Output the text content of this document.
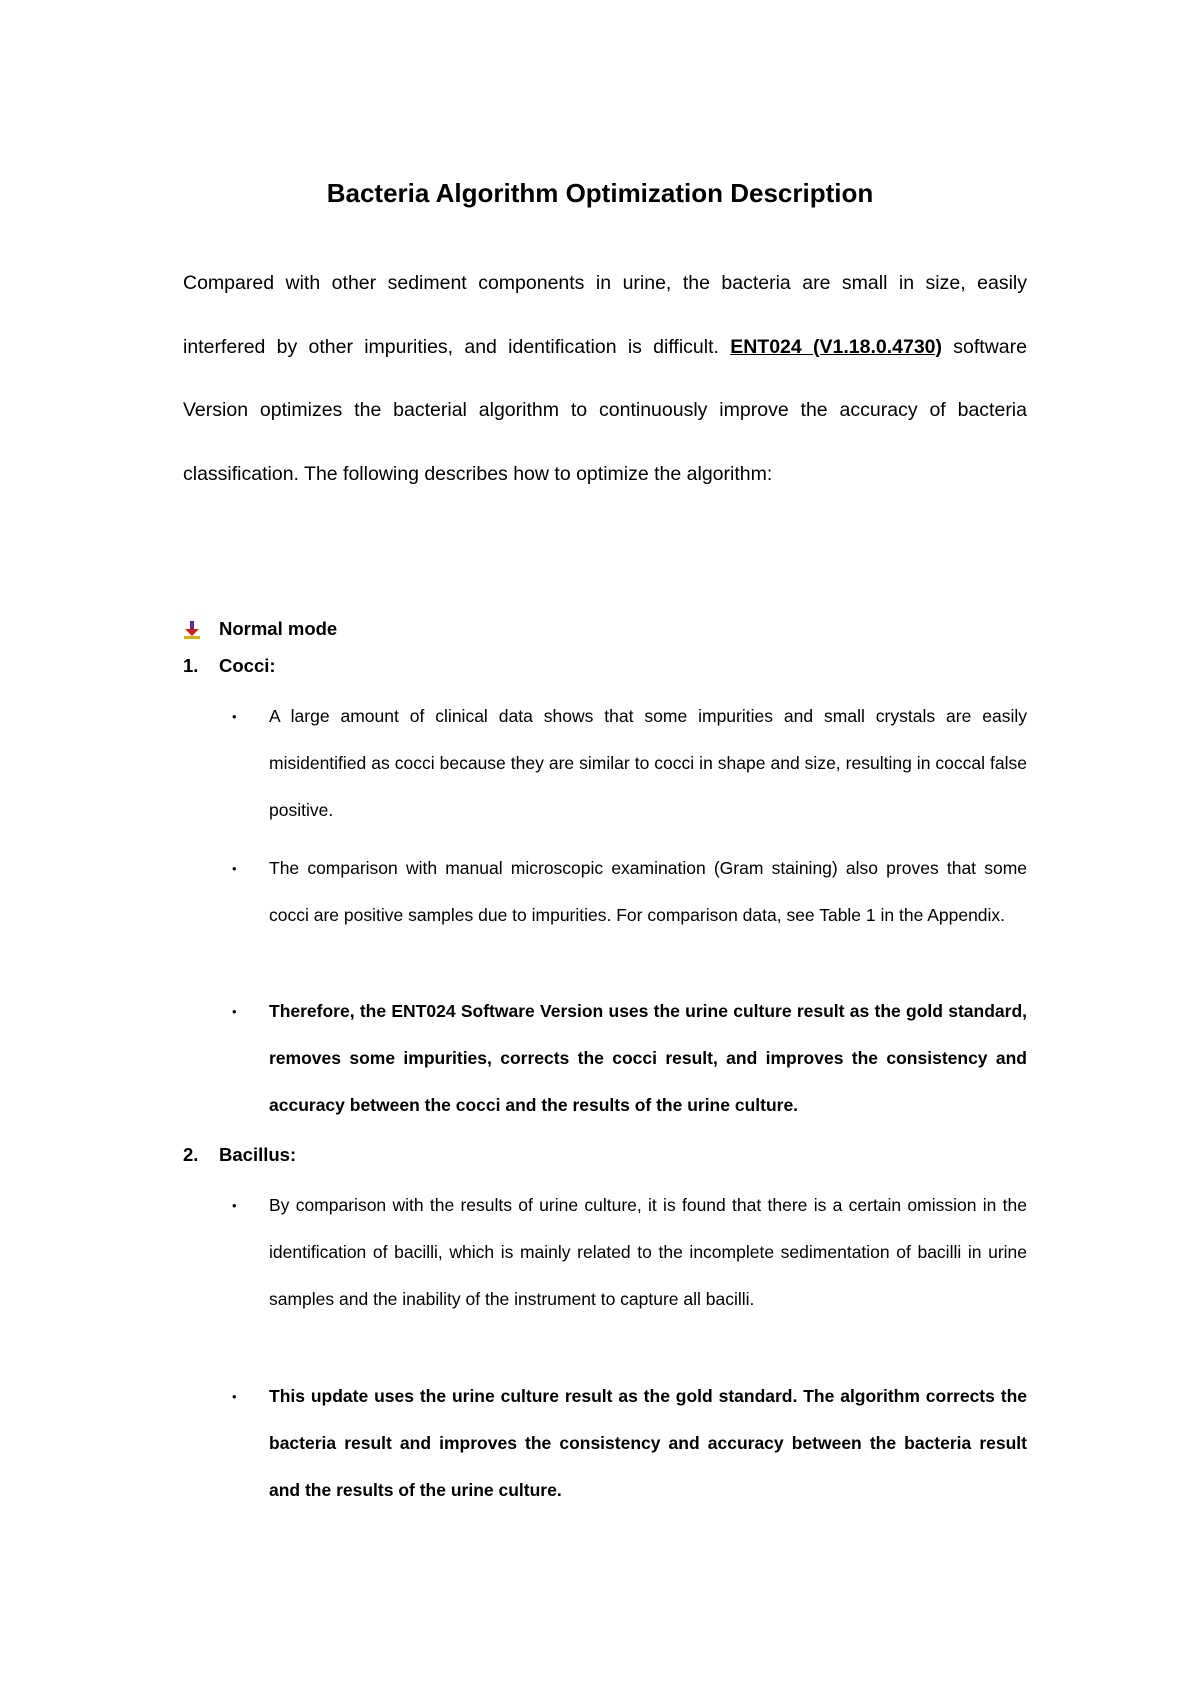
Bacteria Algorithm Optimization Description

Compared with other sediment components in urine, the bacteria are small in size, easily interfered by other impurities, and identification is difficult. ENT024 (V1.18.0.4730) software Version optimizes the bacterial algorithm to continuously improve the accuracy of bacteria classification. The following describes how to optimize the algorithm:

Normal mode
1. Cocci:
• A large amount of clinical data shows that some impurities and small crystals are easily misidentified as cocci because they are similar to cocci in shape and size, resulting in coccal false positive.

• The comparison with manual microscopic examination (Gram staining) also proves that some cocci are positive samples due to impurities. For comparison data, see Table 1 in the Appendix.

• Therefore, the ENT024 Software Version uses the urine culture result as the gold standard, removes some impurities, corrects the cocci result, and improves the consistency and accuracy between the cocci and the results of the urine culture.

2. Bacillus:
• By comparison with the results of urine culture, it is found that there is a certain omission in the identification of bacilli, which is mainly related to the incomplete sedimentation of bacilli in urine samples and the inability of the instrument to capture all bacilli.

• This update uses the urine culture result as the gold standard. The algorithm corrects the bacteria result and improves the consistency and accuracy between the bacteria result and the results of the urine culture.
